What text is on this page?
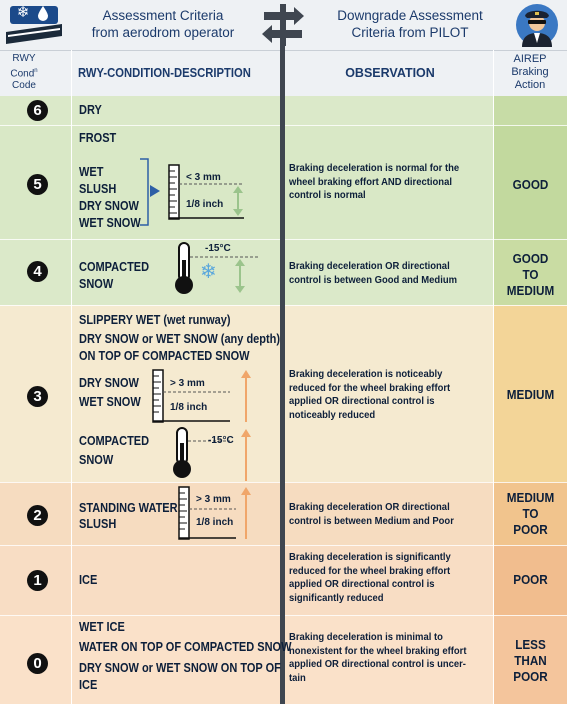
❄	Assessment Criteria
from aerodrom operator
Downgrade Assessment
Criteria from PILOT
RWY
Cond$^n$
Code
RWY-CONDITION-DESCRIPTION	OBSERVATION
AIREP
Braking
Action
6
5
4
3
2
1
0
DRY
FROST
WET
SLUSH
DRY SNOW
WET SNOW
< 3 mm
1/8 inch
COMPACTED
SNOW
-15°C
❄
SLIPPERY WET (wet runway)
DRY SNOW or WET SNOW (any depth)
ON TOP OF COMPACTED SNOW
DRY SNOW
WET SNOW
COMPACTED
SNOW
> 3 mm
1/8 inch
-15°C
STANDING WATER
SLUSH
> 3 mm
1/8 inch
ICE
WET ICE
WATER ON TOP OF COMPACTED SNOW
DRY SNOW or WET SNOW ON TOP OF
ICE
Braking deceleration is normal for the
wheel braking effort AND directional
control is normal
Braking deceleration OR directional
control is between Good and Medium
Braking deceleration is noticeably
reduced for the wheel braking effort
applied OR directional control is
noticeably reduced
Braking deceleration OR directional
control is between Medium and Poor
Braking deceleration is significantly
reduced for the wheel braking effort
applied OR directional control is
significantly reduced
Braking deceleration is minimal to
nonexistent for the wheel braking effort
applied OR directional control is uncer-
tain
GOOD
GOOD
TO
MEDIUM
MEDIUM
MEDIUM
TO
POOR
POOR
LESS
THAN
POOR
